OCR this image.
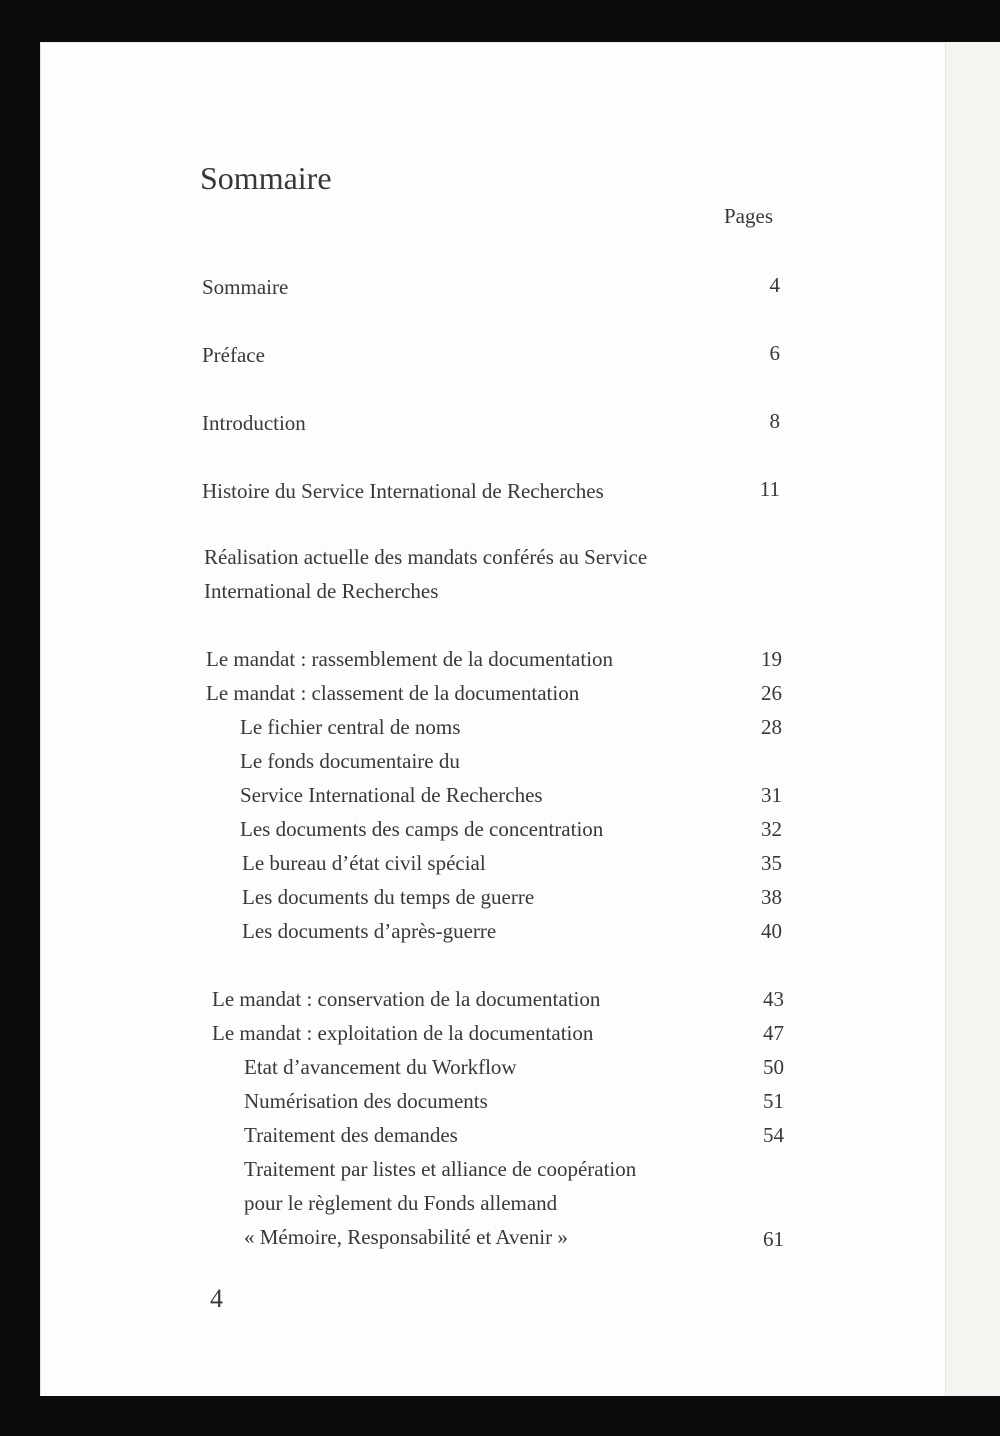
Sommaire
Pages
Sommaire	4
Préface	6
Introduction	8
Histoire du Service International de Recherches	11
Réalisation actuelle des mandats conférés au Service
International de Recherches
Le mandat : rassemblement de la documentation	19
Le mandat : classement de la documentation	26
Le fichier central de noms	28
Le fonds documentaire du
Service International de Recherches	31
Les documents des camps de concentration	32
Le bureau d’état civil spécial	35
Les documents du temps de guerre	38
Les documents d’après-guerre	40
Le mandat : conservation de la documentation	43
Le mandat : exploitation de la documentation	47
Etat d’avancement du Workflow	50
Numérisation des documents	51
Traitement des demandes	54
Traitement par listes et alliance de coopération
pour le règlement du Fonds allemand
« Mémoire, Responsabilité et Avenir »	61
4
